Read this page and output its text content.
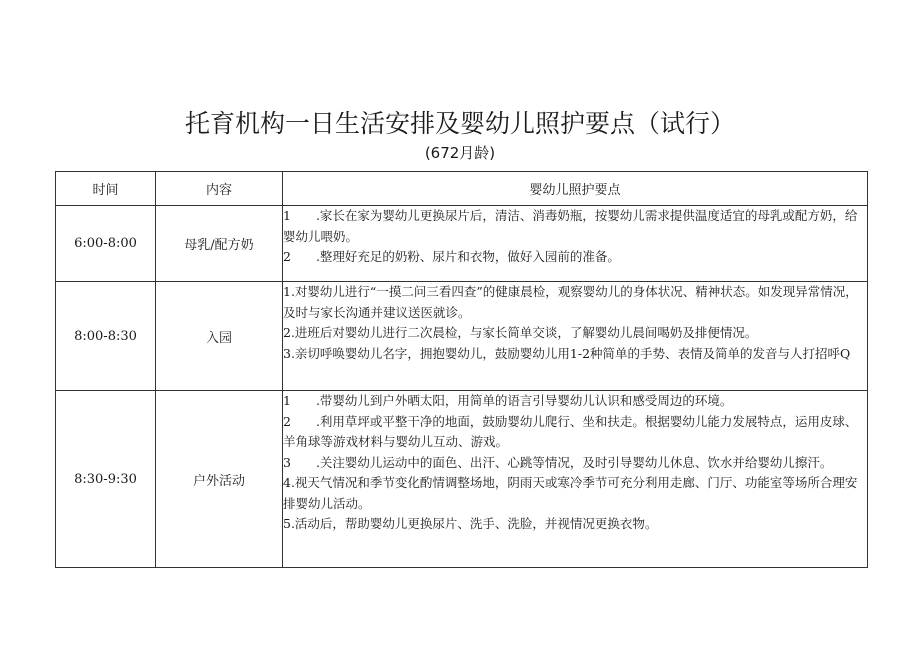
托育机构一日生活安排及婴幼儿照护要点（试行）

(672月龄)

时间	内容	婴幼儿照护要点
6:00-8:00	母乳/配方奶	1　　.家长在家为婴幼儿更换尿片后，清洁、消毒奶瓶，按婴幼儿需求提供温度适宜的母乳或配方奶，给婴幼儿喂奶。
2　　.整理好充足的奶粉、尿片和衣物，做好入园前的准备。

8:00-8:30	入园	1.对婴幼儿进行“一摸二问三看四查”的健康晨检，观察婴幼儿的身体状况、精神状态。如发现异常情况，及时与家长沟通并建议送医就诊。
2.进班后对婴幼儿进行二次晨检，与家长简单交谈，了解婴幼儿晨间喝奶及排便情况。
3.亲切呼唤婴幼儿名字，拥抱婴幼儿，鼓励婴幼儿用1-2种简单的手势、表情及简单的发音与人打招呼Q

8:30-9:30	户外活动	1　　.带婴幼儿到户外晒太阳，用简单的语言引导婴幼儿认识和感受周边的环境。
2　　.利用草坪或平整干净的地面，鼓励婴幼儿爬行、坐和扶走。根据婴幼儿能力发展特点，运用皮球、羊角球等游戏材料与婴幼儿互动、游戏。
3　　.关注婴幼儿运动中的面色、出汗、心跳等情况，及时引导婴幼儿休息、饮水并给婴幼儿擦汗。
4.视天气情况和季节变化酌情调整场地，阴雨天或寒冷季节可充分利用走廊、门厅、功能室等场所合理安排婴幼儿活动。
5.活动后，帮助婴幼儿更换尿片、洗手、洗脸，并视情况更换衣物。
